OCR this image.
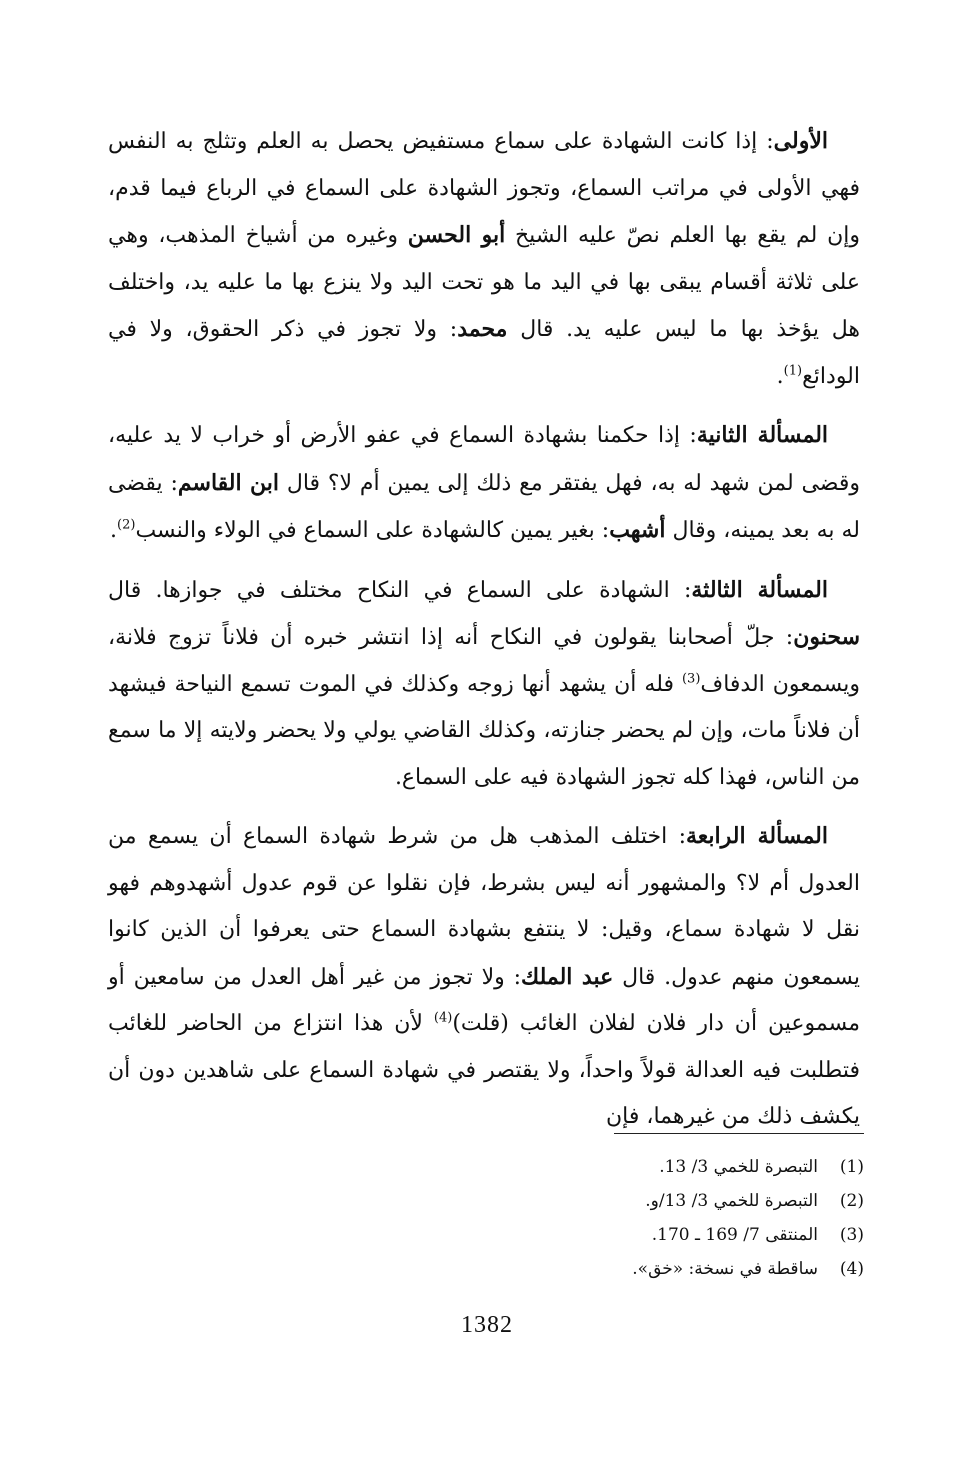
الأولى: إذا كانت الشهادة على سماع مستفيض يحصل به العلم وتثلج به النفس فهي الأولى في مراتب السماع، وتجوز الشهادة على السماع في الرباع فيما قدم، وإن لم يقع بها العلم نصّ عليه الشيخ أبو الحسن وغيره من أشياخ المذهب، وهي على ثلاثة أقسام يبقى بها في اليد ما هو تحت اليد ولا ينزع بها ما عليه يد، واختلف هل يؤخذ بها ما ليس عليه يد. قال محمد: ولا تجوز في ذكر الحقوق، ولا في الودائع$^{(1)}$.

المسألة الثانية: إذا حكمنا بشهادة السماع في عفو الأرض أو خراب لا يد عليه، وقضى لمن شهد له به، فهل يفتقر مع ذلك إلى يمين أم لا؟ قال ابن القاسم: يقضى له به بعد يمينه، وقال أشهب: بغير يمين كالشهادة على السماع في الولاء والنسب$^{(2)}$.

المسألة الثالثة: الشهادة على السماع في النكاح مختلف في جوازها. قال سحنون: جلّ أصحابنا يقولون في النكاح أنه إذا انتشر خبره أن فلاناً تزوج فلانة، ويسمعون الدفاف$^{(3)}$ فله أن يشهد أنها زوجه وكذلك في الموت تسمع النياحة فيشهد أن فلاناً مات، وإن لم يحضر جنازته، وكذلك القاضي يولي ولا يحضر ولايته إلا ما سمع من الناس، فهذا كله تجوز الشهادة فيه على السماع.

المسألة الرابعة: اختلف المذهب هل من شرط شهادة السماع أن يسمع من العدول أم لا؟ والمشهور أنه ليس بشرط، فإن نقلوا عن قوم عدول أشهدوهم فهو نقل لا شهادة سماع، وقيل: لا ينتفع بشهادة السماع حتى يعرفوا أن الذين كانوا يسمعون منهم عدول. قال عبد الملك: ولا تجوز من غير أهل العدل من سامعين أو مسموعين أن دار فلان لفلان الغائب (قلت)$^{(4)}$ لأن هذا انتزاع من الحاضر للغائب فتطلبت فيه العدالة قولاً واحداً، ولا يقتصر في شهادة السماع على شاهدين دون أن يكشف ذلك من غيرهما، فإن

(1)التبصرة للخمي 3/ 13.

(2)التبصرة للخمي 3/ 13/و.

(3)المنتقى 7/ 169 ـ 170.

(4)ساقطة في نسخة: «خق».

1382
